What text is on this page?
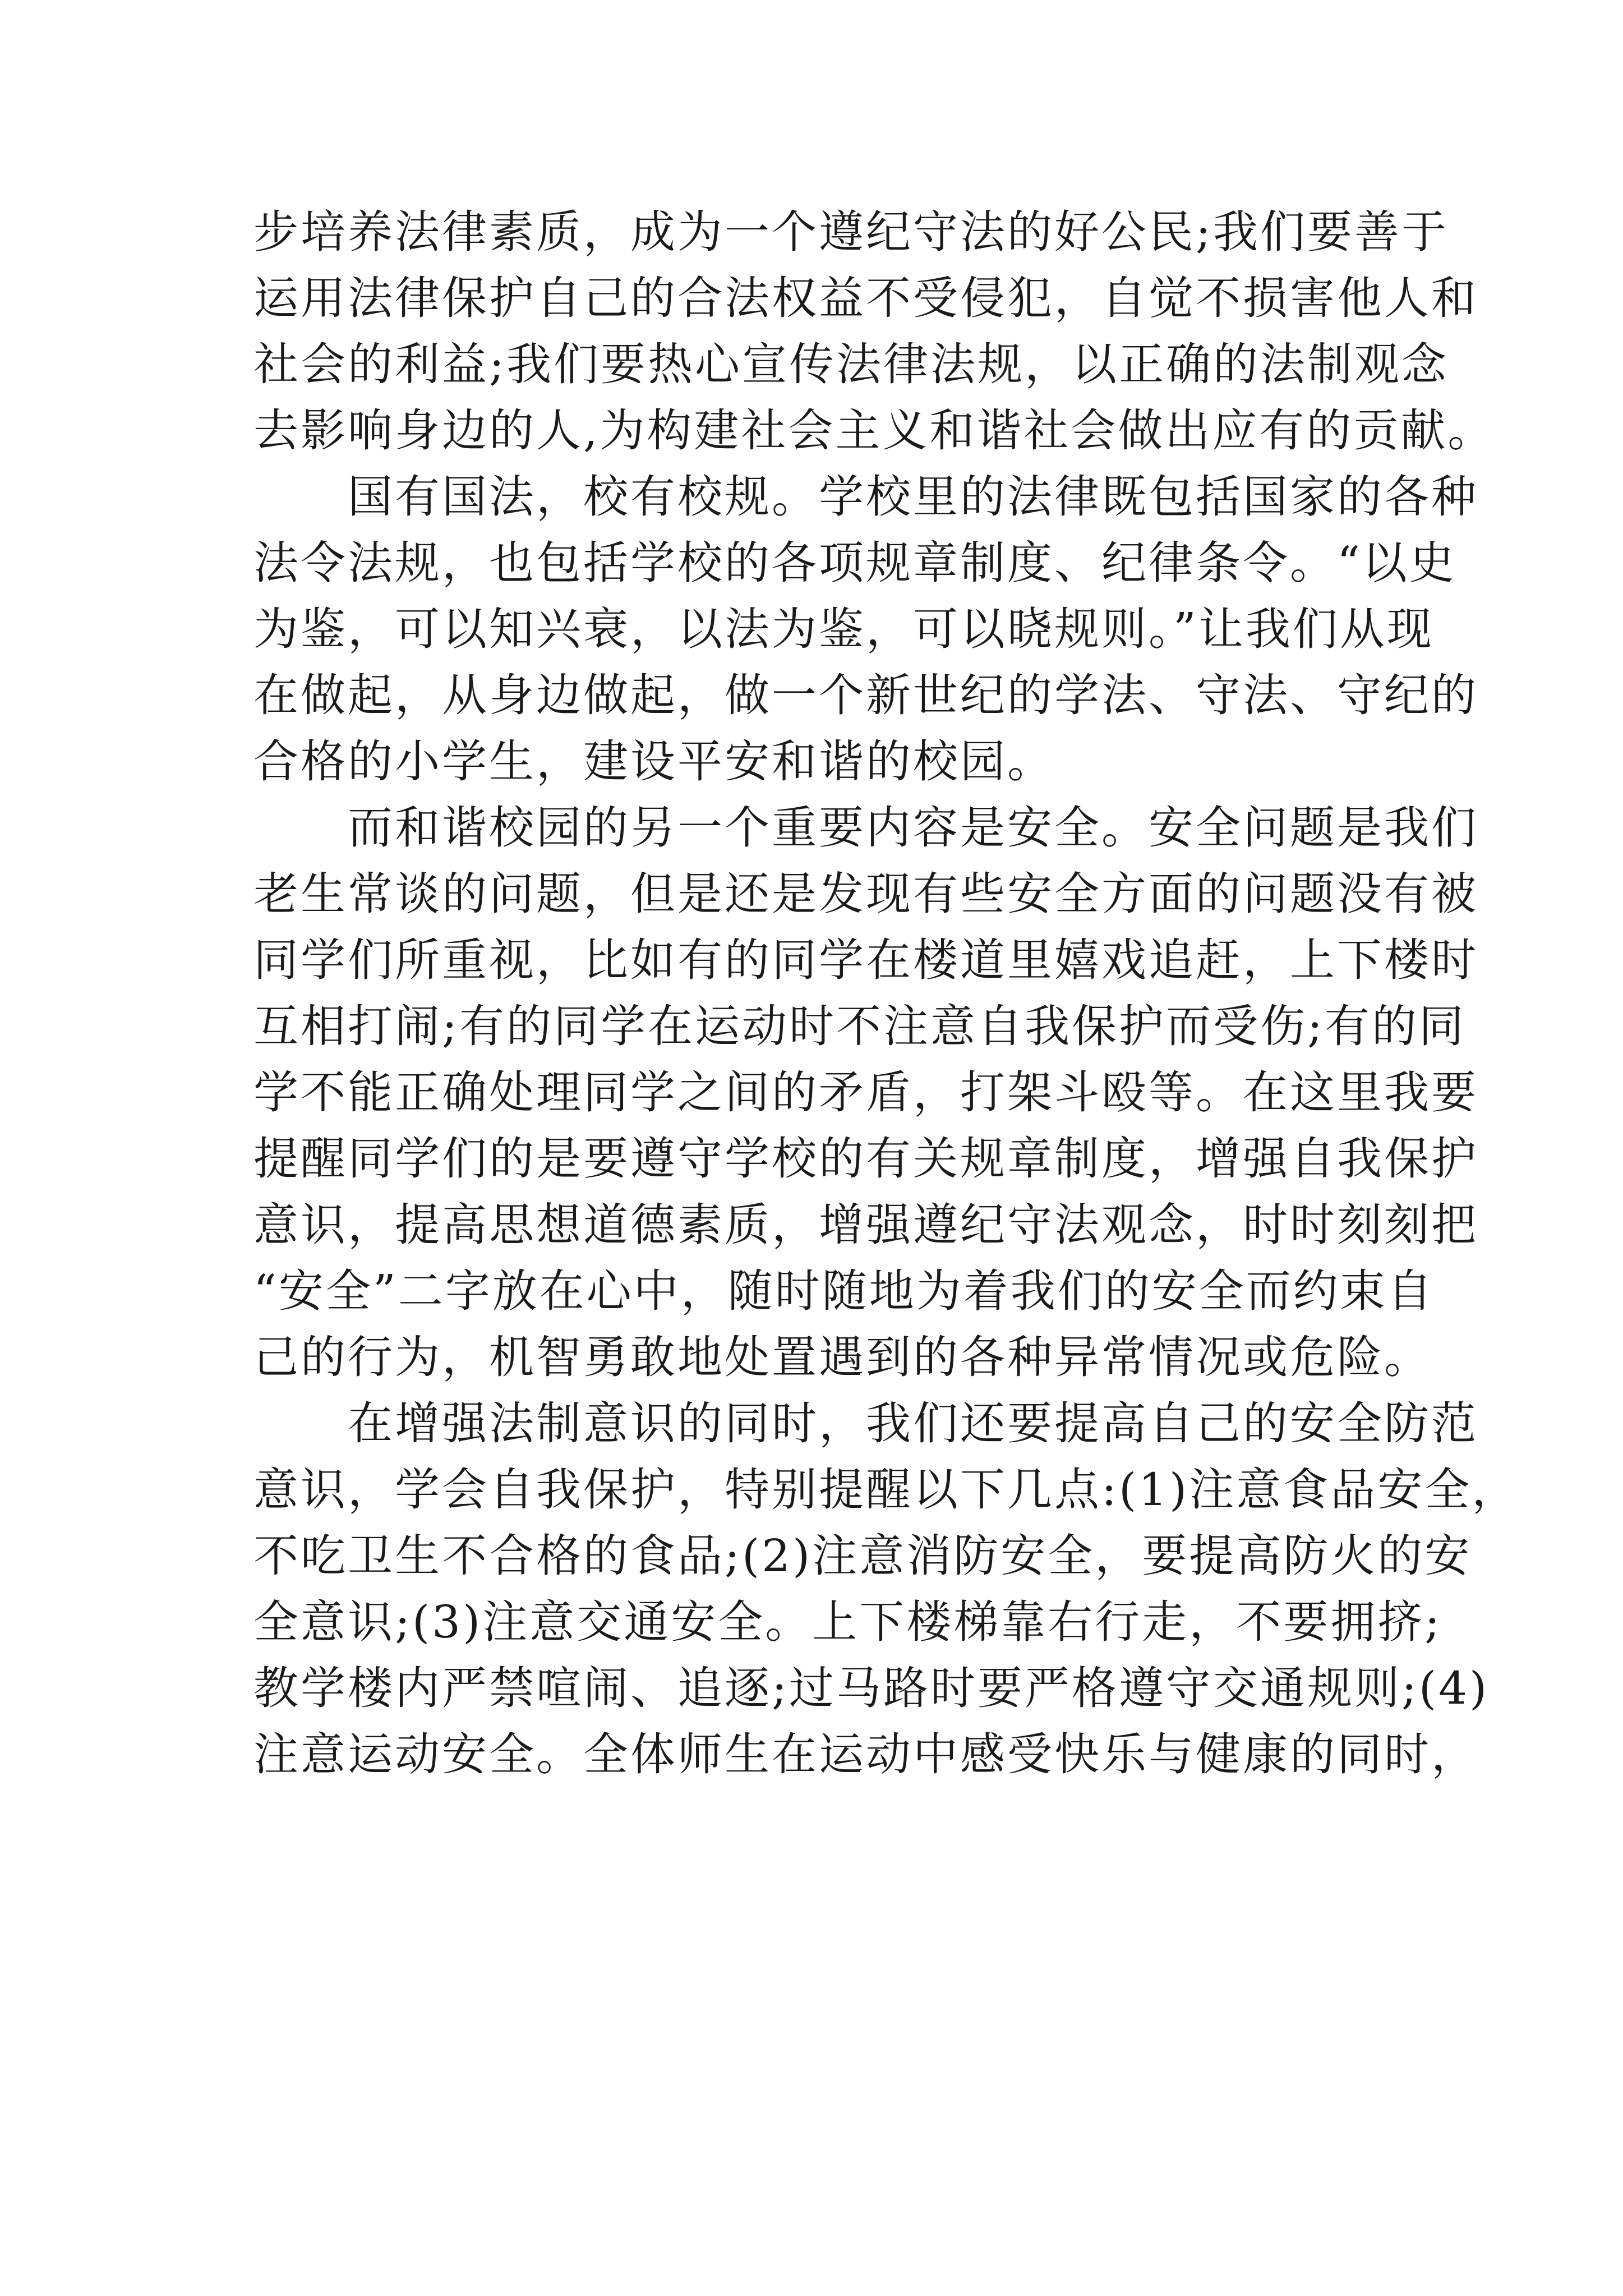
步培养法律素质，成为一个遵纪守法的好公民;我们要善于
运用法律保护自己的合法权益不受侵犯，自觉不损害他人和
社会的利益;我们要热心宣传法律法规，以正确的法制观念
去影响身边的人,为构建社会主义和谐社会做出应有的贡献。
国有国法，校有校规。学校里的法律既包括国家的各种
法令法规，也包括学校的各项规章制度、纪律条令。“以史
为鉴，可以知兴衰，以法为鉴，可以晓规则。”让我们从现
在做起，从身边做起，做一个新世纪的学法、守法、守纪的
合格的小学生，建设平安和谐的校园。
而和谐校园的另一个重要内容是安全。安全问题是我们
老生常谈的问题，但是还是发现有些安全方面的问题没有被
同学们所重视，比如有的同学在楼道里嬉戏追赶，上下楼时
互相打闹;有的同学在运动时不注意自我保护而受伤;有的同
学不能正确处理同学之间的矛盾，打架斗殴等。在这里我要
提醒同学们的是要遵守学校的有关规章制度，增强自我保护
意识，提高思想道德素质，增强遵纪守法观念，时时刻刻把
“安全”二字放在心中，随时随地为着我们的安全而约束自
己的行为，机智勇敢地处置遇到的各种异常情况或危险。
在增强法制意识的同时，我们还要提高自己的安全防范
意识，学会自我保护，特别提醒以下几点:(1)注意食品安全，
不吃卫生不合格的食品;(2)注意消防安全，要提高防火的安
全意识;(3)注意交通安全。上下楼梯靠右行走，不要拥挤;
教学楼内严禁喧闹、追逐;过马路时要严格遵守交通规则;(4)
注意运动安全。全体师生在运动中感受快乐与健康的同时，
